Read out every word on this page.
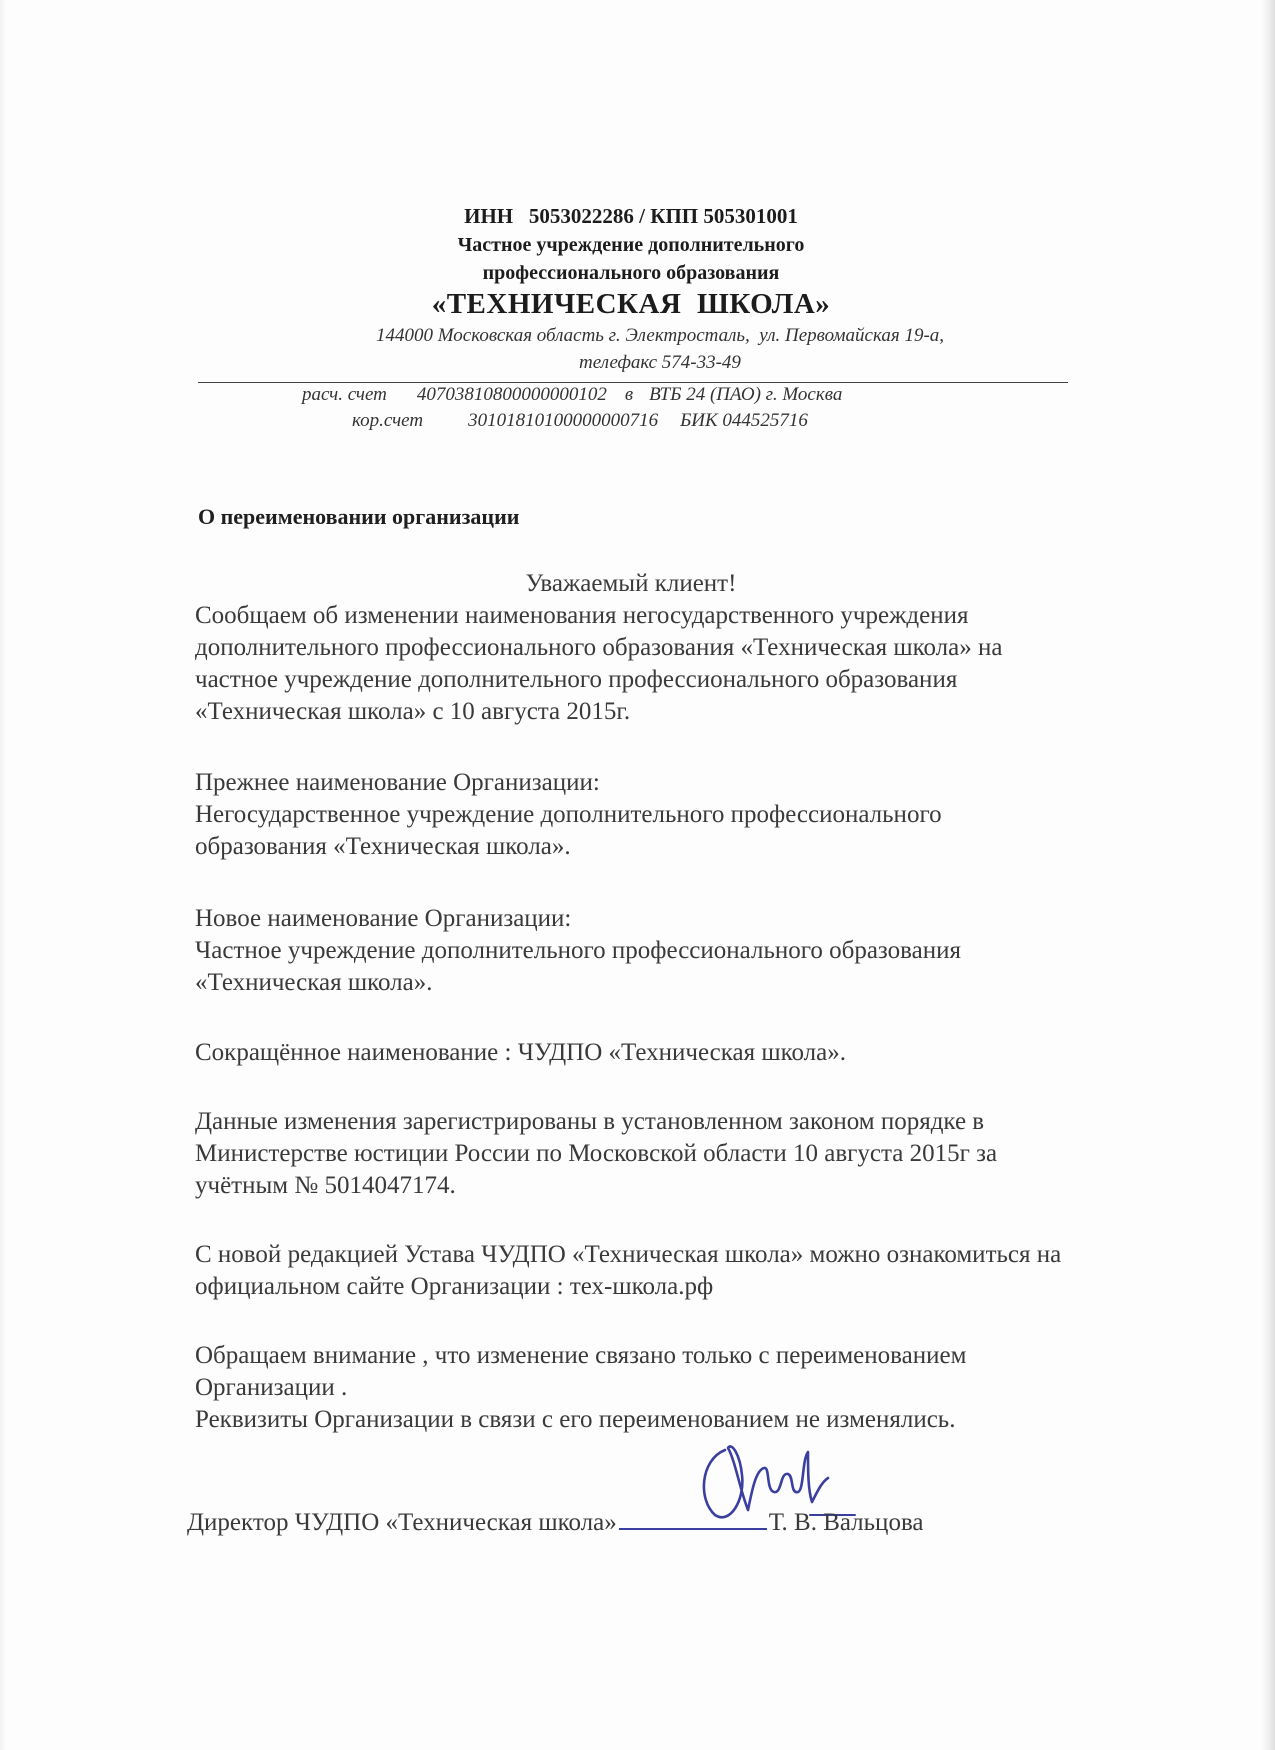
ИНН   5053022286 / КПП 505301001
Частное учреждение дополнительного
профессионального образования
«ТЕХНИЧЕСКАЯ  ШКОЛА»
144000 Московская область г. Электросталь,  ул. Первомайская 19-а,
телефакс 574-33-49
расч. счет 40703810800000000102 в ВТБ 24 (ПАО) г. Москва
кор.счет 30101810100000000716 БИК 044525716
О переименовании организации
Уважаемый клиент!
Сообщаем об изменении наименования негосударственного учреждения дополнительного профессионального образования «Техническая школа» на частное учреждение дополнительного профессионального образования «Техническая школа» с 10 августа 2015г.
Прежнее наименование Организации:
Негосударственное учреждение дополнительного профессионального образования «Техническая школа».
Новое наименование Организации:
Частное учреждение дополнительного профессионального образования «Техническая школа».
Сокращённое наименование : ЧУДПО «Техническая школа».
Данные изменения зарегистрированы в установленном законом порядке в Министерстве юстиции России по Московской области 10 августа 2015г за учётным № 5014047174.
С новой редакцией Устава ЧУДПО «Техническая школа» можно ознакомиться на официальном сайте Организации : тех-школа.рф
Обращаем внимание , что изменение связано только с переименованием Организации .
Реквизиты Организации в связи с его переименованием не изменялись.
Директор ЧУДПО «Техническая школа»	Т. В. Вальцова
